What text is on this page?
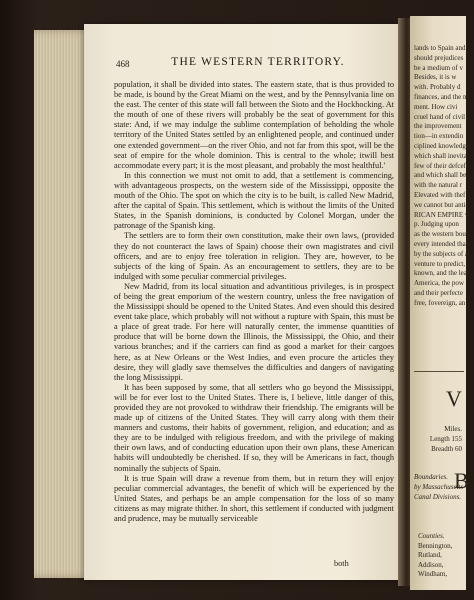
468	THE WESTERN TERRITORY.

population, it shall be divided into states. The eastern state, that is thus provided to be made, is bound by the Great Miami on the west, and by the Pennsylvania line on the east. The center of this state will fall between the Sioto and the Hockhocking. At the mouth of one of these rivers will probably be the seat of government for this state: And, if we may indulge the sublime contemplation of beholding the whole territory of the United States settled by an enlightened people, and continued under one extended government—on the river Ohio, and not far from this spot, will be the seat of empire for the whole dominion. This is central to the whole; itwill best accommodate every part; it is the most pleasant, and probably the most healthful.'

In this connection we must not omit to add, that a settlement is commencing, with advantageous prospects, on the western side of the Mississippi, opposite the mouth of the Ohio. The spot on which the city is to be built, is called New Madrid, after the capital of Spain. This settlement, which is without the limits of the United States, in the Spanish dominions, is conducted by Colonel Morgan, under the patronage of the Spanish king.

The settlers are to form their own constitution, make their own laws, (provided they do not counteract the laws of Spain) choose their own magistrates and civil officers, and are to enjoy free toleration in religion. They are, however, to be subjects of the king of Spain. As an encouragement to settlers, they are to be indulged with some peculiar commercial privileges.

New Madrid, from its local situation and advantitious privileges, is in prospect of being the great emporium of the western country, unless the free navigation of the Mississippi should be opened to the United States. And even should this desired event take place, which probably will not without a rupture with Spain, this must be a place of great trade. For here will naturally center, the immense quantities of produce that will be borne down the Illinois, the Mississippi, the Ohio, and their various branches; and if the carriers can find as good a market for their cargoes here, as at New Orleans or the West Indies, and even procure the articles they desire, they will gladly save themselves the difficulties and dangers of navigating the long Mississippi.

It has been supposed by some, that all settlers who go beyond the Mississippi, will be for ever lost to the United States. There is, I believe, little danger of this, provided they are not provoked to withdraw their friendship. The emigrants will be made up of citizens of the United States. They will carry along with them their manners and customs, their habits of government, religion, and education; and as they are to be indulged with religious freedom, and with the privilege of making their own laws, and of conducting education upon their own plans, these American habits will undoubtedly be cherished. If so, they will be Americans in fact, though nominally the subjects of Spain.

It is true Spain will draw a revenue from them, but in return they will enjoy peculiar commercial advantages, the benefit of which will be experienced by the United States, and perhaps be an ample compensation for the loss of so many citizens as may migrate thither. In short, this settlement if conducted with judgment and prudence, may be mutually serviceable

both
lands to Spain and
should prejudices
be a medium of v
Besides, it is w
with. Probably d
finances, and the m
ment. How civi
cruel hand of civil
the improvement
tion—in extendin
ciplined knowledge,
which shall inevita
few of their defcefi
and which shall be
with the natural r
Elevated with thef
we cannot but antic
RICAN EMPIRE w
p. Judging upon
as the western bou
every intended than
by the subjects of a
venture to predict,
known, and the lea
America, the pow
and their perfecte
free, fovereign, an
V
Miles.
Length 155
Breadth 60
Boundaries.
by Massachusetts
Canal Divisions.
B
Counties.
Bennington,
Rutland,
Addison,
Windham,
